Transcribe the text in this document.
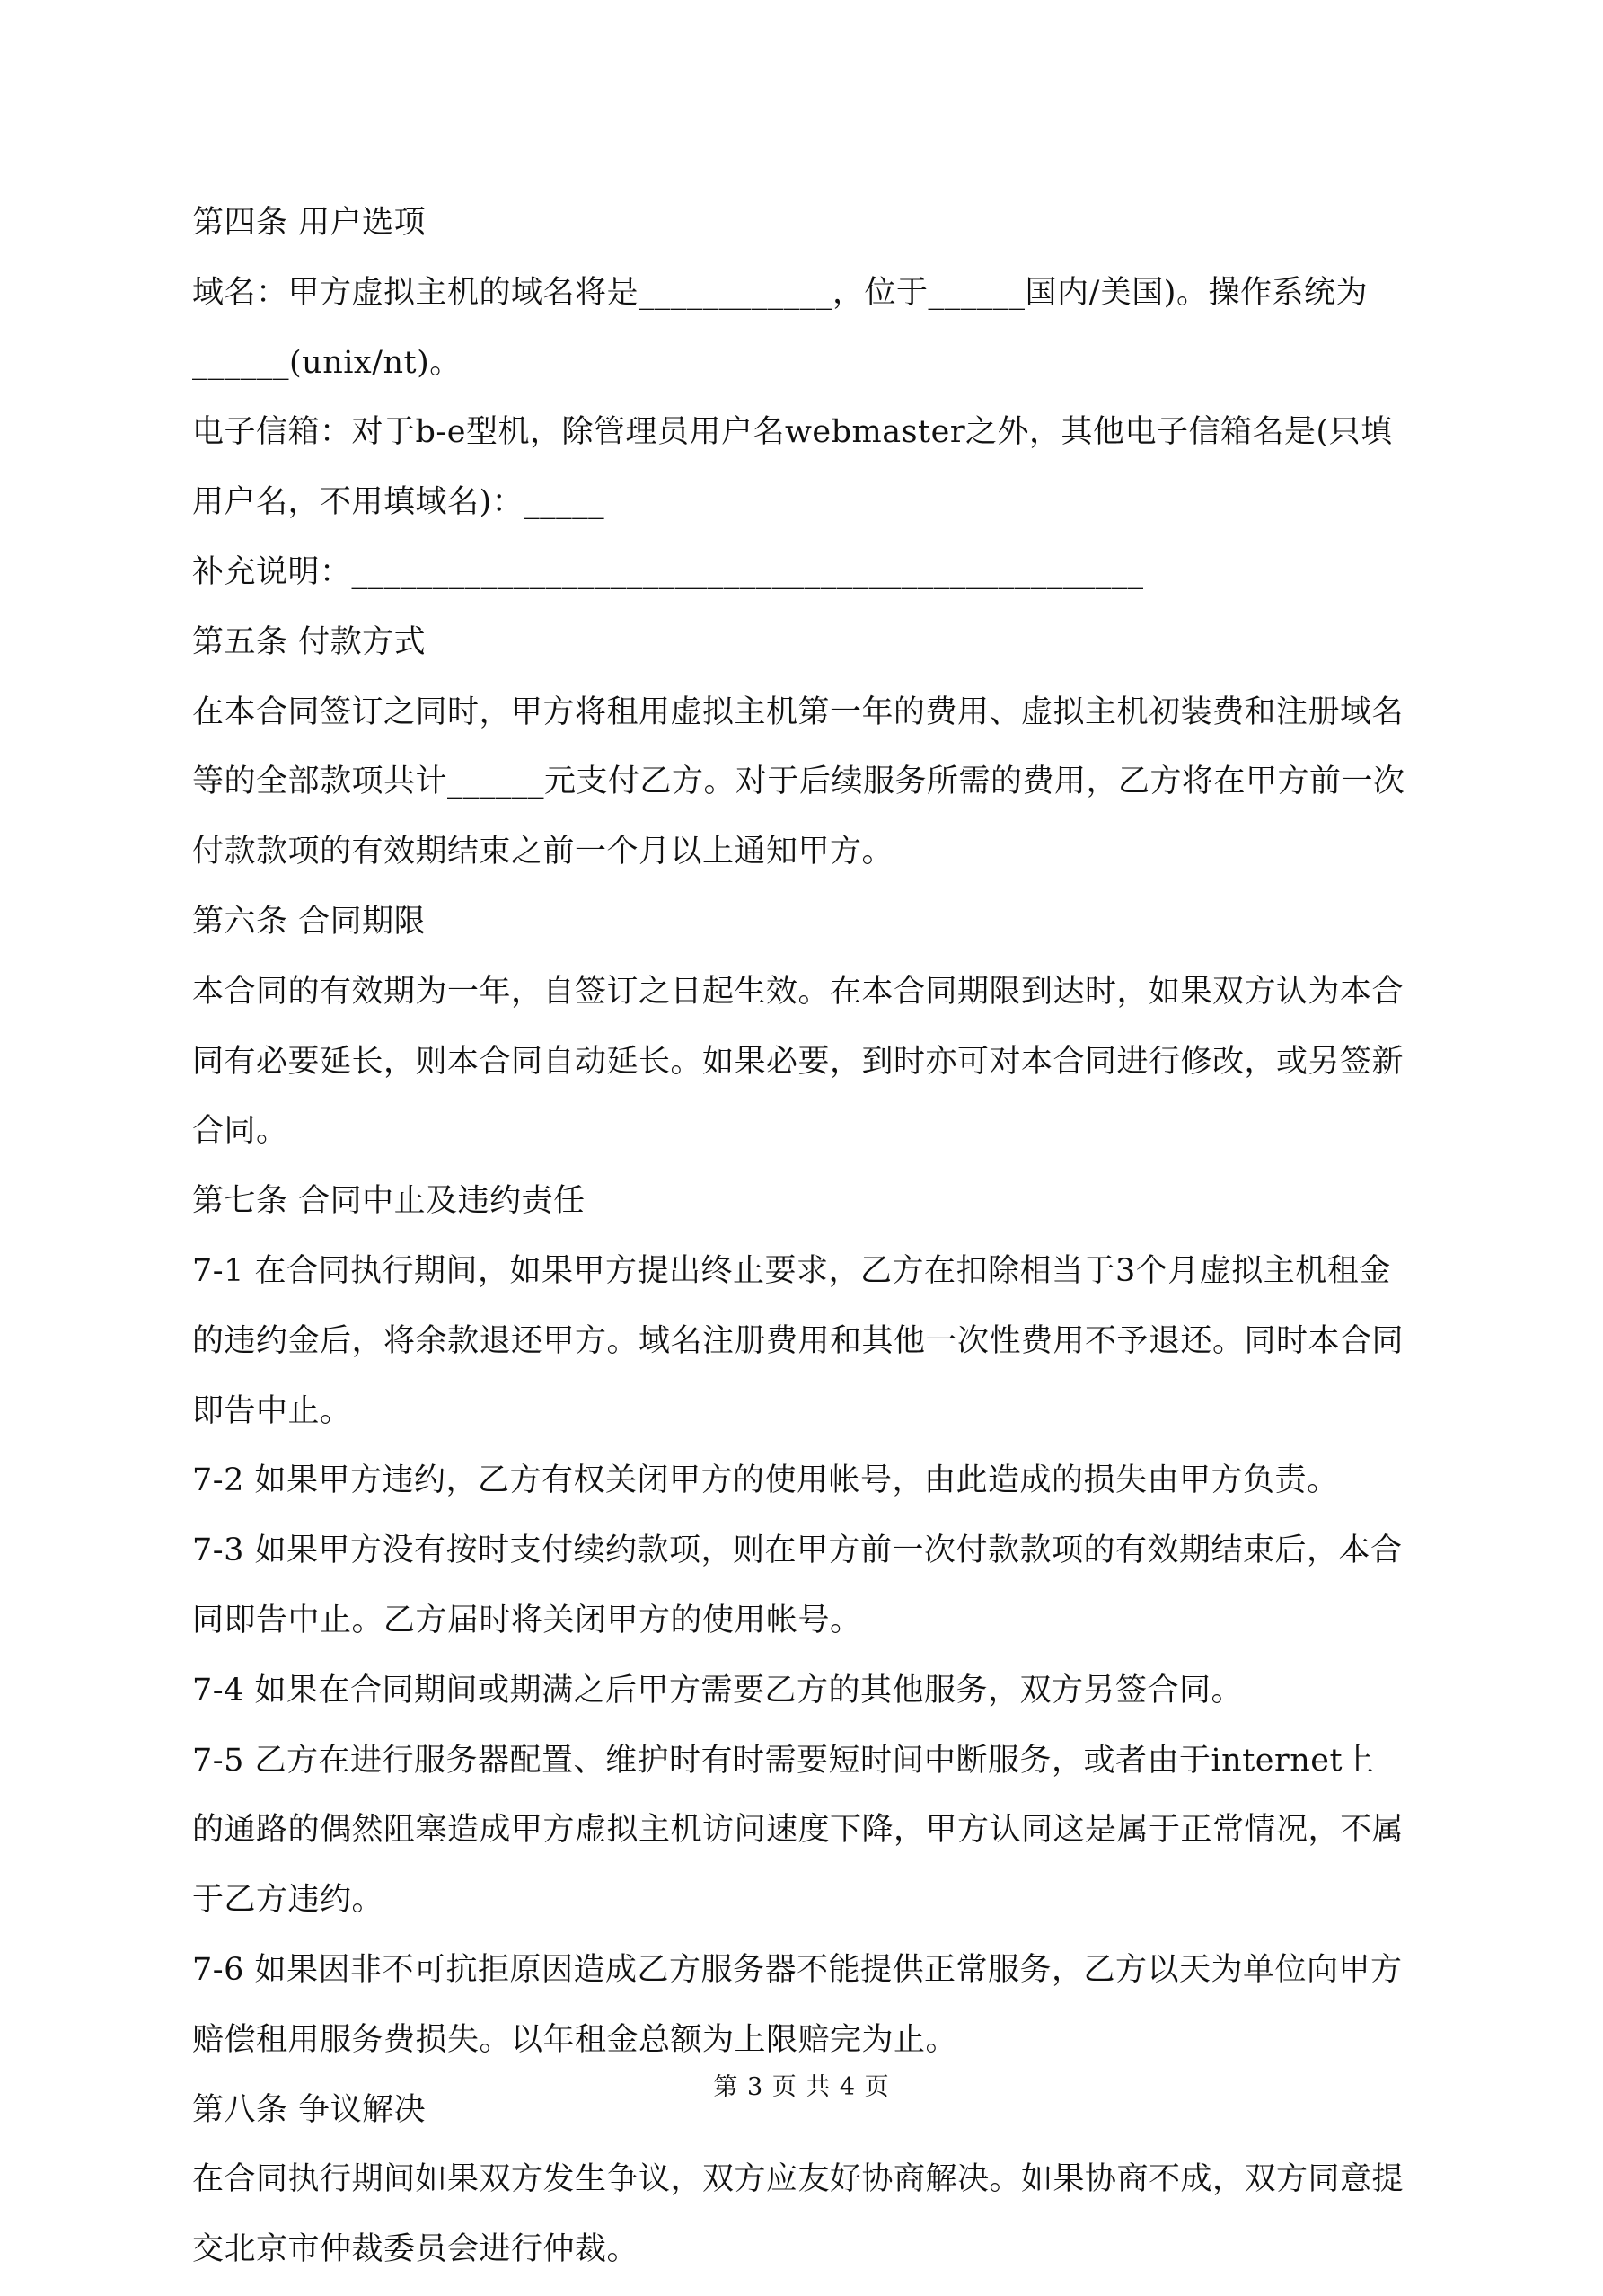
第四条 用户选项

域名：甲方虚拟主机的域名将是____________，位于______国内/美国)。操作系统为

______(unix/nt)。

电子信箱：对于b-e型机，除管理员用户名webmaster之外，其他电子信箱名是(只填

用户名，不用填域名)：_____

补充说明：_________________________________________________

第五条 付款方式

在本合同签订之同时，甲方将租用虚拟主机第一年的费用、虚拟主机初装费和注册域名

等的全部款项共计______元支付乙方。对于后续服务所需的费用，乙方将在甲方前一次

付款款项的有效期结束之前一个月以上通知甲方。

第六条 合同期限

本合同的有效期为一年，自签订之日起生效。在本合同期限到达时，如果双方认为本合

同有必要延长，则本合同自动延长。如果必要，到时亦可对本合同进行修改，或另签新

合同。

第七条 合同中止及违约责任

7-1 在合同执行期间，如果甲方提出终止要求，乙方在扣除相当于3个月虚拟主机租金

的违约金后，将余款退还甲方。域名注册费用和其他一次性费用不予退还。同时本合同

即告中止。

7-2 如果甲方违约，乙方有权关闭甲方的使用帐号，由此造成的损失由甲方负责。

7-3 如果甲方没有按时支付续约款项，则在甲方前一次付款款项的有效期结束后，本合

同即告中止。乙方届时将关闭甲方的使用帐号。

7-4 如果在合同期间或期满之后甲方需要乙方的其他服务，双方另签合同。

7-5 乙方在进行服务器配置、维护时有时需要短时间中断服务，或者由于internet上

的通路的偶然阻塞造成甲方虚拟主机访问速度下降，甲方认同这是属于正常情况，不属

于乙方违约。

7-6 如果因非不可抗拒原因造成乙方服务器不能提供正常服务，乙方以天为单位向甲方

赔偿租用服务费损失。以年租金总额为上限赔完为止。

第八条 争议解决

在合同执行期间如果双方发生争议，双方应友好协商解决。如果协商不成，双方同意提

交北京市仲裁委员会进行仲裁。

第 3 页 共 4 页
